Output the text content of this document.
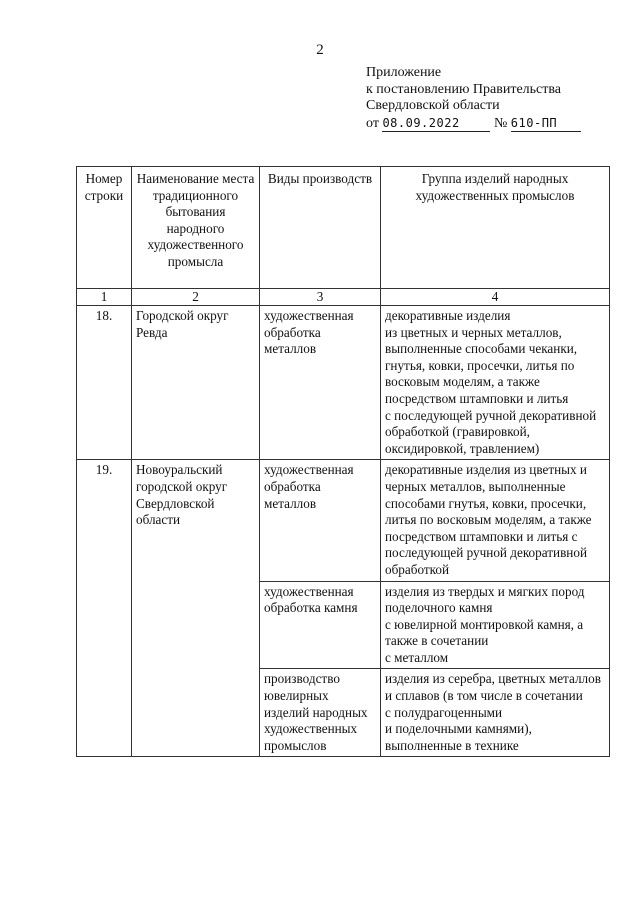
2
Приложение
к постановлению Правительства
Свердловской области
от 08.09.2022 № 610-ПП
Номер строки	Наименование места традиционного бытования народного художественного промысла	Виды производств	Группа изделий народных художественных промыслов
1	2	3	4
18.	Городской округ Ревда	художественная обработка металлов	декоративные изделия
из цветных и черных металлов, выполненные способами чеканки, гнутья, ковки, просечки, литья по восковым моделям, а также посредством штамповки и литья
с последующей ручной декоративной обработкой (гравировкой, оксидировкой, травлением)
19.	Новоуральский городской округ Свердловской области	художественная обработка металлов	декоративные изделия из цветных и черных металлов, выполненные способами гнутья, ковки, просечки, литья по восковым моделям, а также посредством штамповки и литья с последующей ручной декоративной обработкой
		художественная обработка камня	изделия из твердых и мягких пород поделочного камня
с ювелирной монтировкой камня, а также в сочетании
с металлом
		производство ювелирных изделий народных художественных промыслов	изделия из серебра, цветных металлов и сплавов (в том числе в сочетании
с полудрагоценными
и поделочными камнями), выполненные в технике
